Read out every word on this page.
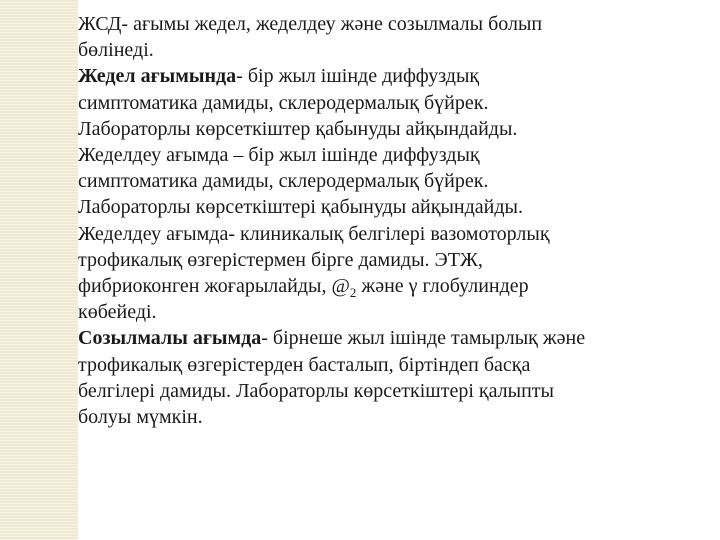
ЖСД- ағымы жедел, жеделдеу және созылмалы болып
бөлінеді.
Жедел ағымында- бір жыл ішінде диффуздық
симптоматика дамиды, склеродермалық бүйрек.
Лабораторлы көрсеткіштер қабынуды айқындайды.
Жеделдеу ағымда – бір жыл ішінде диффуздық
симптоматика дамиды, склеродермалық бүйрек.
Лабораторлы көрсеткіштері қабынуды айқындайды.
Жеделдеу ағымда- клиникалық белгілері вазомоторлық
трофикалық өзгерістермен бірге дамиды. ЭТЖ,
фибриоконген жоғарылайды, $@_2$ және γ глобулиндер
көбейеді.
Созылмалы ағымда- бірнеше жыл ішінде тамырлық және
трофикалық өзгерістерден басталып, біртіндеп басқа
белгілері дамиды. Лабораторлы көрсеткіштері қалыпты
болуы мүмкін.
